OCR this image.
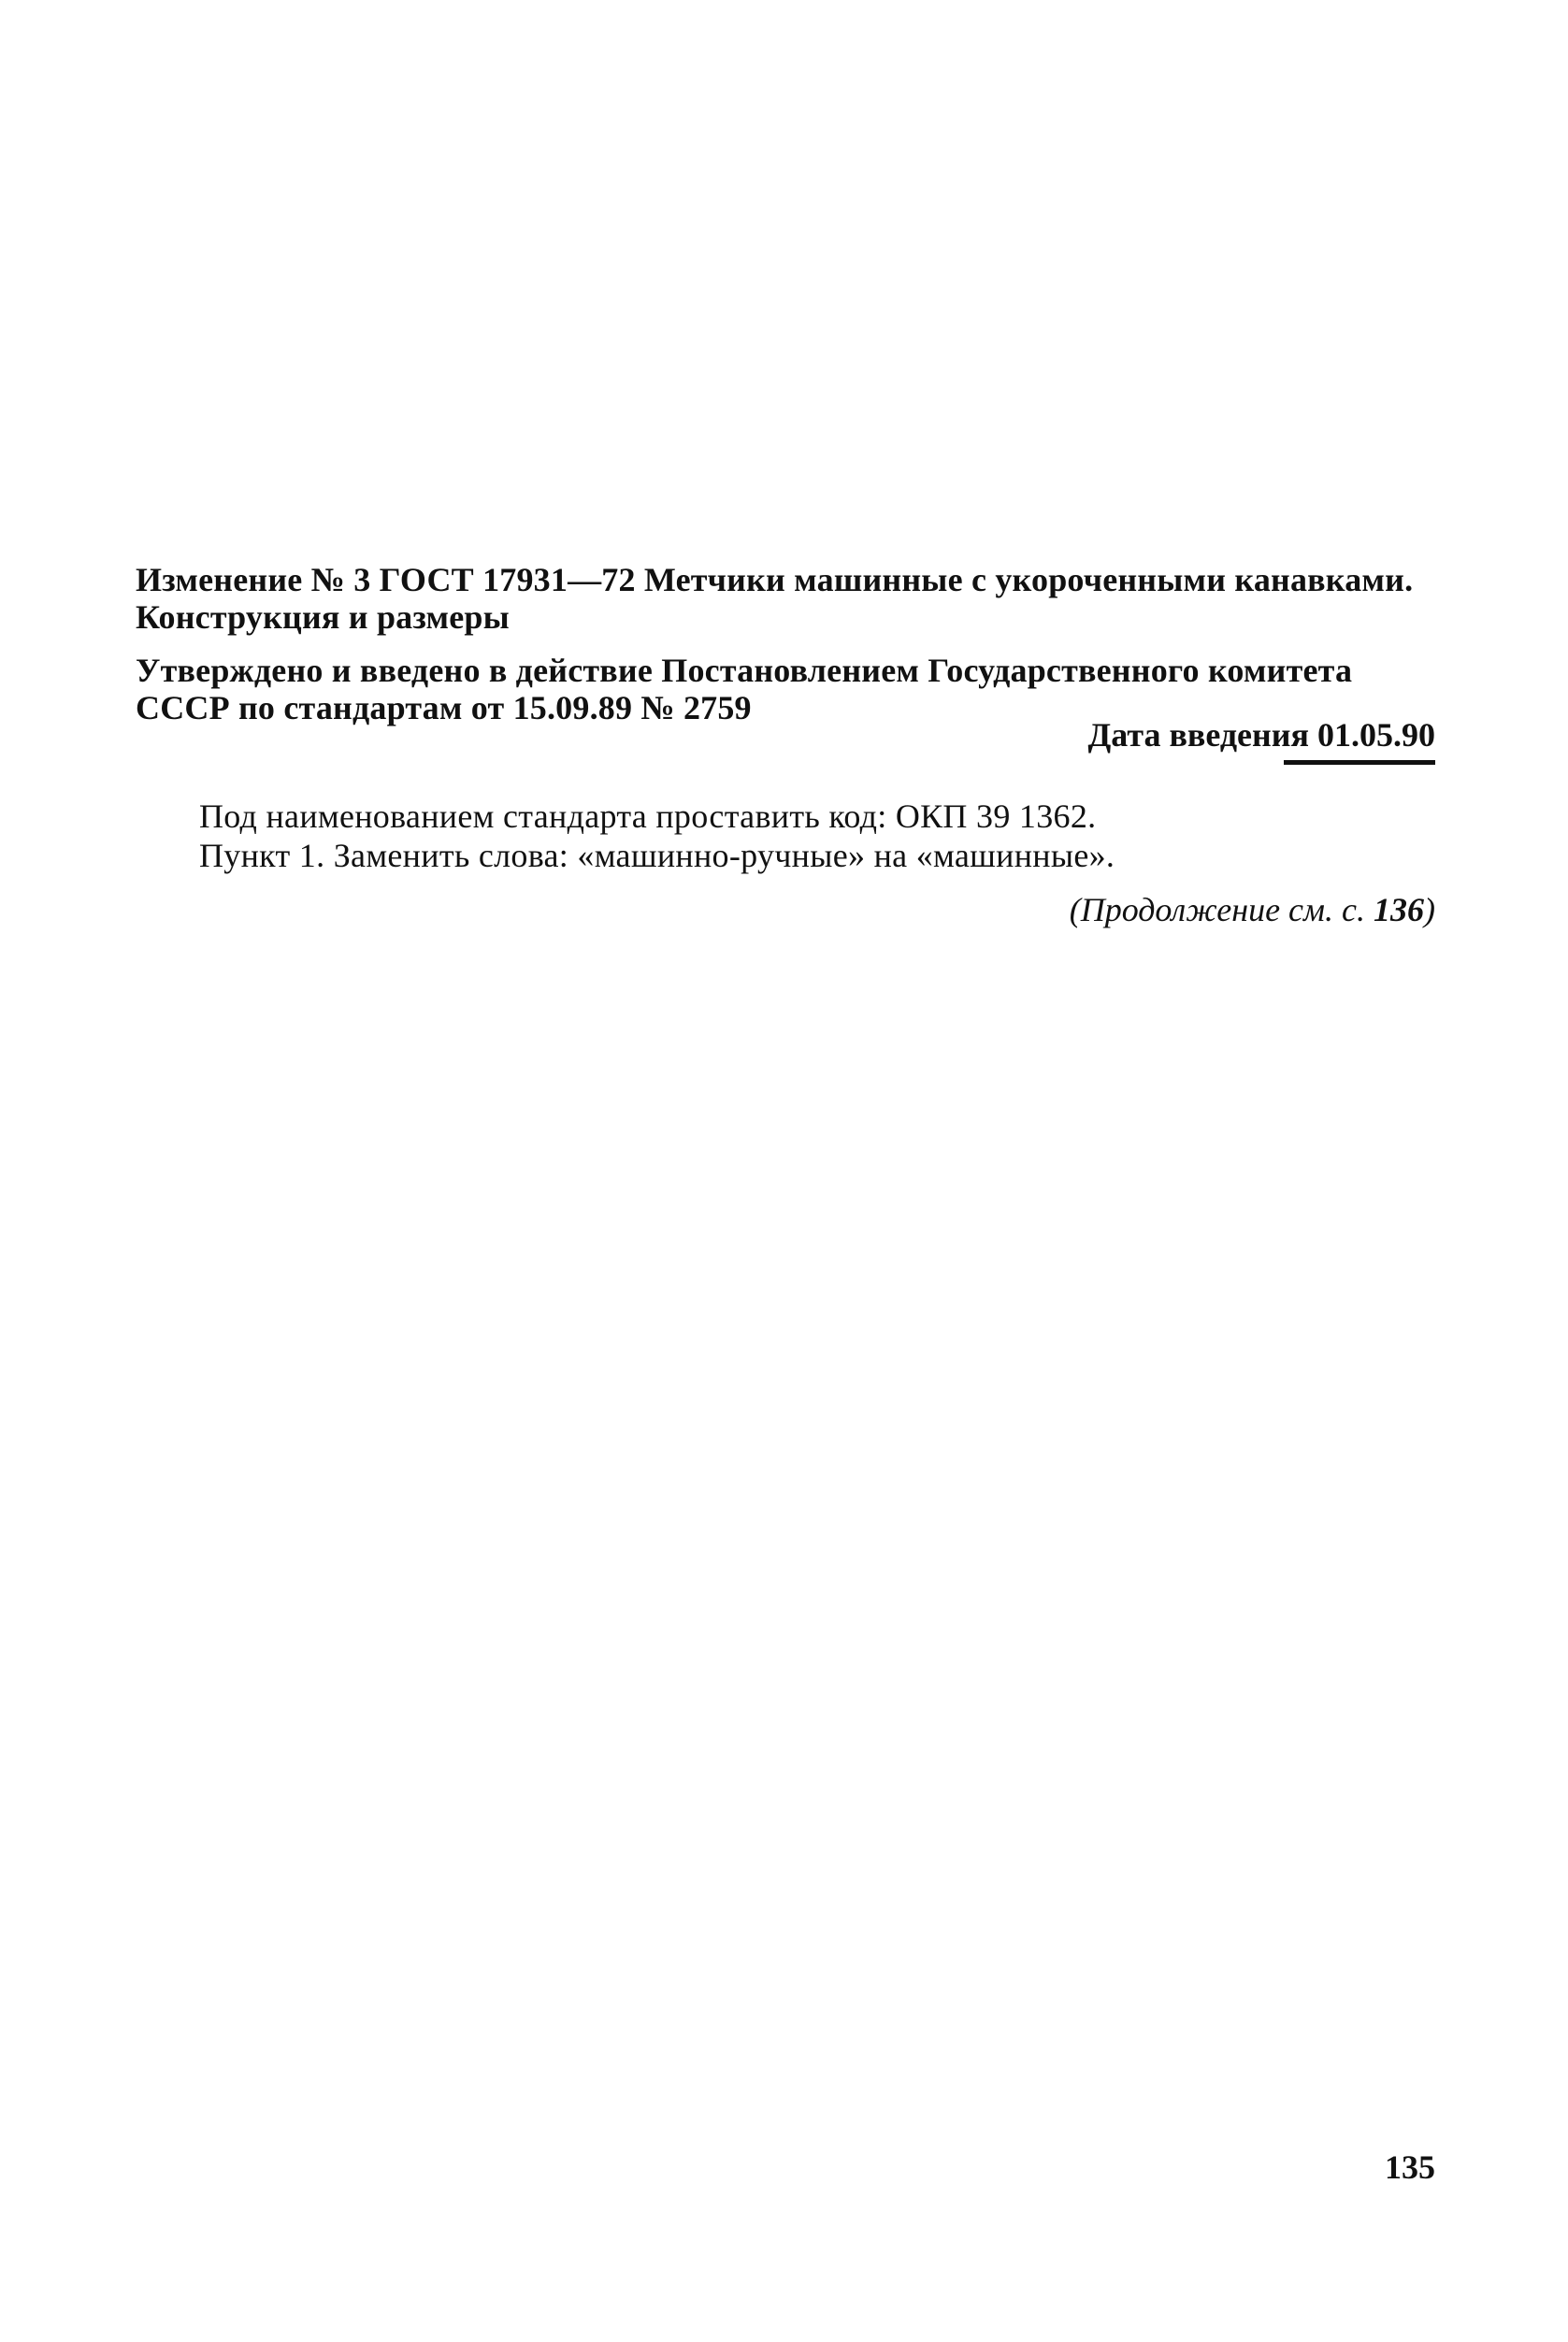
Изменение № 3 ГОСТ 17931—72 Метчики машинные с укороченными канавками.
Конструкция и размеры
Утверждено и введено в действие Постановлением Государственного комитета
СССР по стандартам от 15.09.89 № 2759
Дата введения 01.05.90
Под наименованием стандарта проставить код: ОКП 39 1362.
Пункт 1. Заменить слова: «машинно-ручные» на «машинные».
(Продолжение см. с. 136)
135
